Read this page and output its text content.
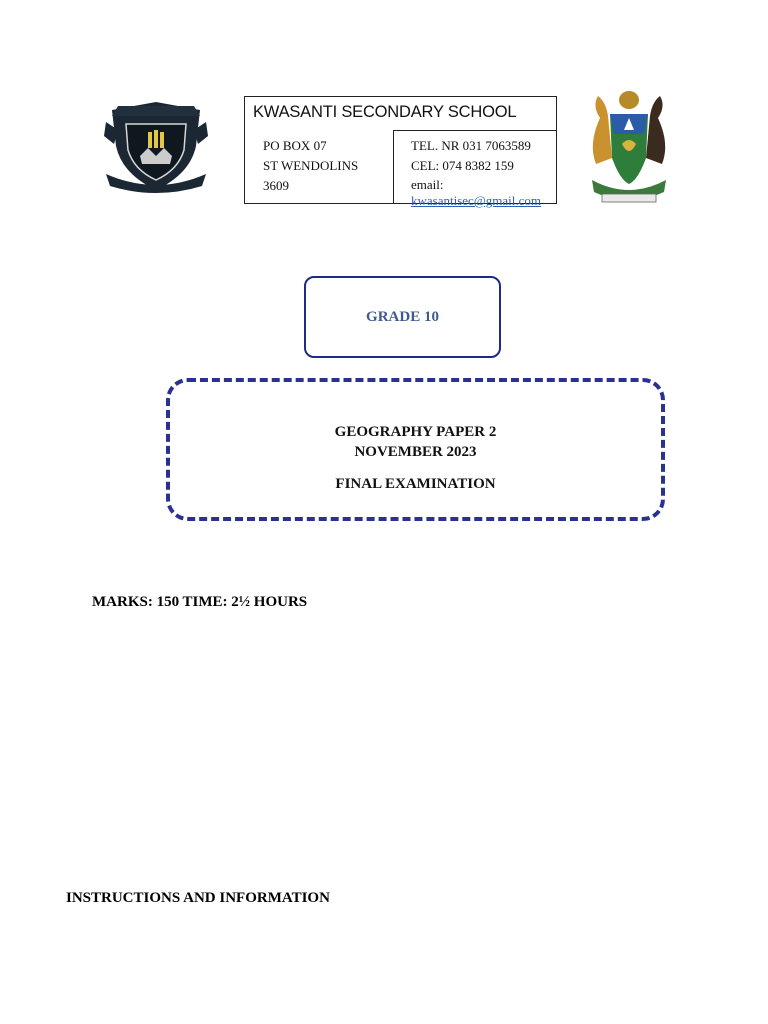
KWASANTI SECONDARY SCHOOL
PO BOX 07
ST WENDOLINS
3609
TEL. NR 031 7063589
CEL: 074 8382 159
email: kwasantisec@gmail.com
GRADE 10
GEOGRAPHY PAPER 2
NOVEMBER 2023
FINAL EXAMINATION
MARKS: 150 TIME: 2½ HOURS
INSTRUCTIONS AND INFORMATION
